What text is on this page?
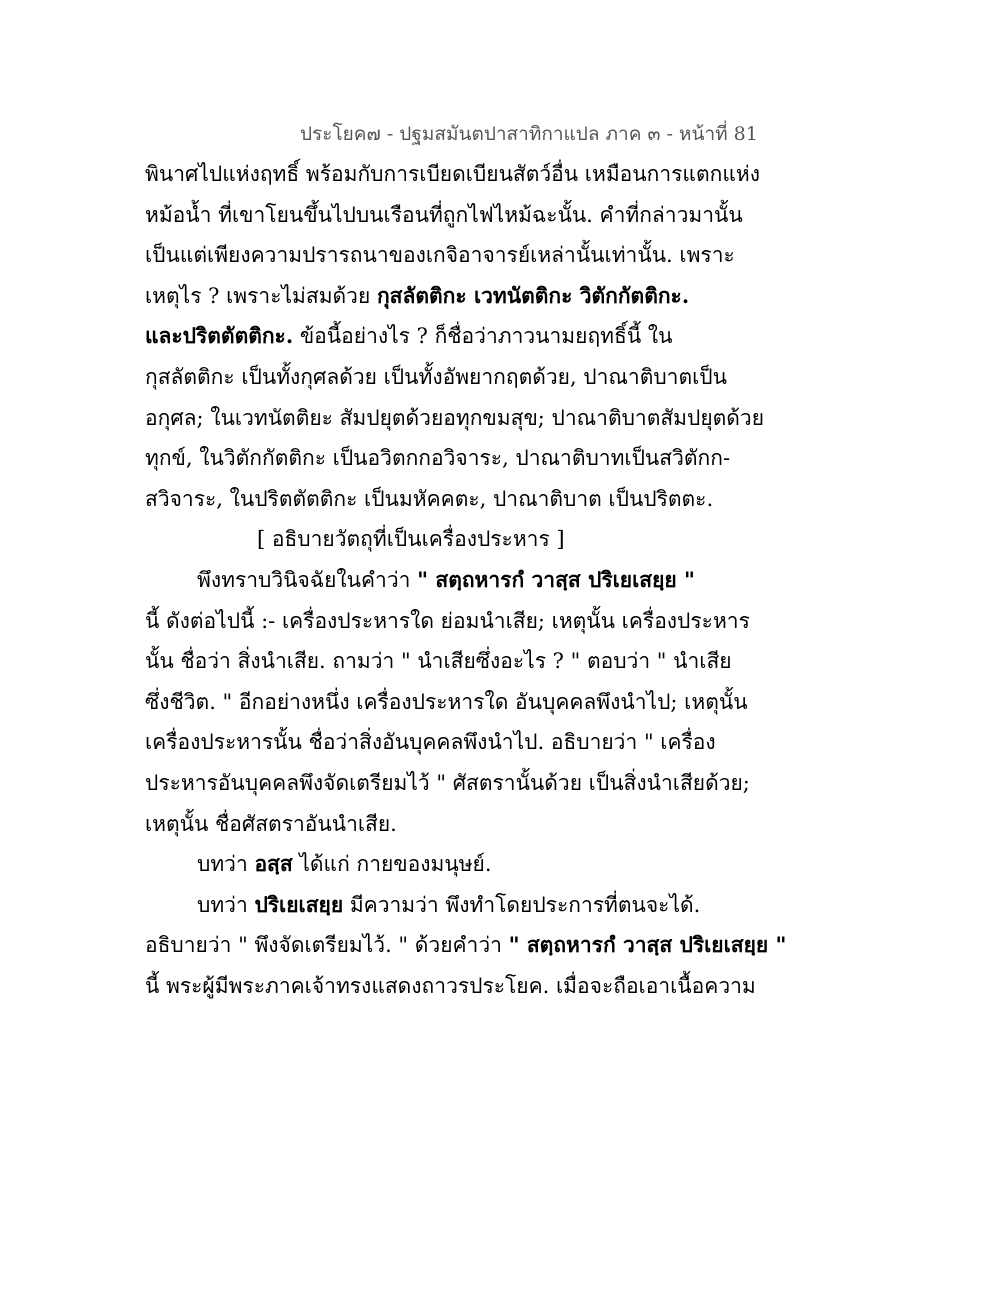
ประโยค๗ - ปฐมสมันตปาสาทิกาแปล ภาค ๓ - หน้าที่ 81
พินาศไปแห่งฤทธิ์ พร้อมกับการเบียดเบียนสัตว์อื่น เหมือนการแตกแห่ง
หม้อน้ำ ที่เขาโยนขึ้นไปบนเรือนที่ถูกไฟไหม้ฉะนั้น. คำที่กล่าวมานั้น
เป็นแต่เพียงความปรารถนาของเกจิอาจารย์เหล่านั้นเท่านั้น. เพราะ
เหตุไร ? เพราะไม่สมด้วย กุสลัตติกะ เวทนัตติกะ วิตักกัตติกะ.
และปริตตัตติกะ. ข้อนี้อย่างไร ? ก็ชื่อว่าภาวนามยฤทธิ์นี้ ใน
กุสลัตติกะ เป็นทั้งกุศลด้วย เป็นทั้งอัพยากฤตด้วย, ปาณาติบาตเป็น
อกุศล; ในเวทนัตติยะ สัมปยุตด้วยอทุกขมสุข; ปาณาติบาตสัมปยุตด้วย
ทุกข์, ในวิตักกัตติกะ เป็นอวิตกกอวิจาระ, ปาณาติบาทเป็นสวิตักก-
สวิจาระ, ในปริตตัตติกะ เป็นมหัคคตะ, ปาณาติบาต เป็นปริตตะ.
[ อธิบายวัตถุที่เป็นเครื่องประหาร ]
พึงทราบวินิจฉัยในคำว่า " สตฺถหารกํ วาสฺส ปริเยเสยฺย "
นี้ ดังต่อไปนี้ :- เครื่องประหารใด ย่อมนำเสีย; เหตุนั้น เครื่องประหาร
นั้น ชื่อว่า สิ่งนำเสีย. ถามว่า " นำเสียซึ่งอะไร ? " ตอบว่า " นำเสีย
ซึ่งชีวิต. " อีกอย่างหนึ่ง เครื่องประหารใด อันบุคคลพึงนำไป; เหตุนั้น
เครื่องประหารนั้น ชื่อว่าสิ่งอันบุคคลพึงนำไป. อธิบายว่า " เครื่อง
ประหารอันบุคคลพึงจัดเตรียมไว้ " ศัสตรานั้นด้วย เป็นสิ่งนำเสียด้วย;
เหตุนั้น ชื่อศัสตราอันนำเสีย.
บทว่า อสฺส ได้แก่ กายของมนุษย์.
บทว่า ปริเยเสยฺย มีความว่า พึงทำโดยประการที่ตนจะได้.
อธิบายว่า " พึงจัดเตรียมไว้. " ด้วยคำว่า " สตฺถหารกํ วาสฺส ปริเยเสยฺย "
นี้ พระผู้มีพระภาคเจ้าทรงแสดงถาวรประโยค. เมื่อจะถือเอาเนื้อความ
